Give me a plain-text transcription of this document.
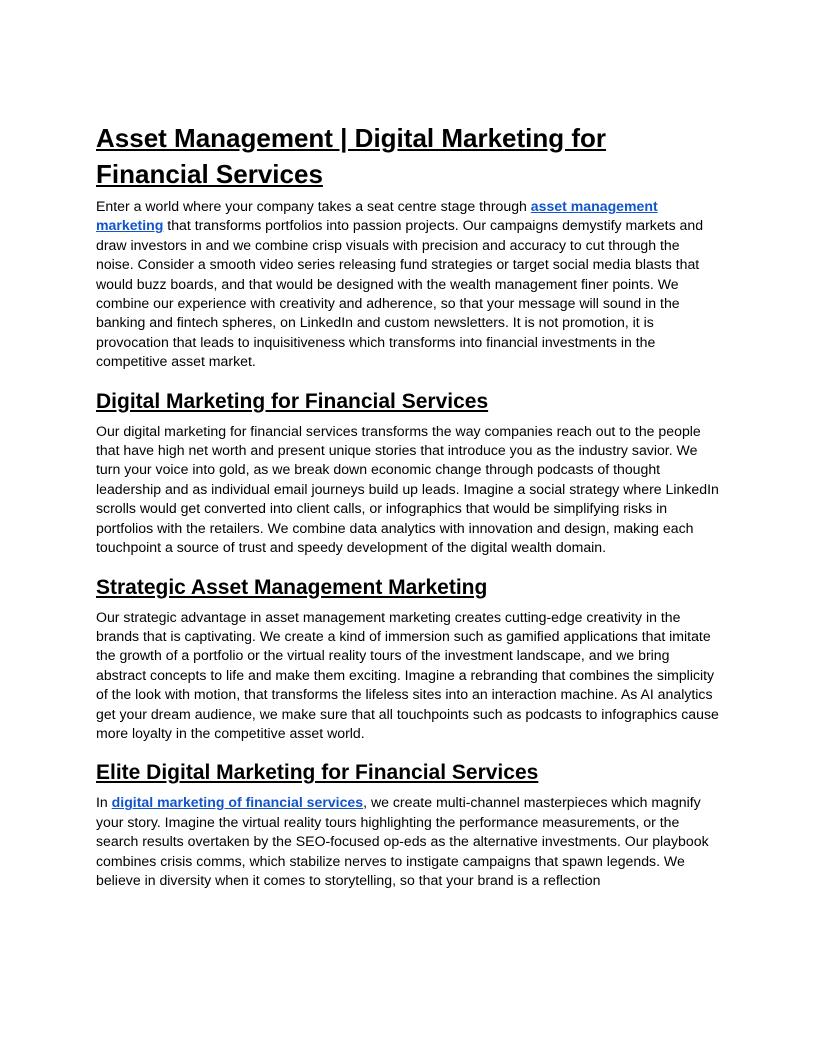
Asset Management | Digital Marketing for Financial Services

Enter a world where your company takes a seat centre stage through asset management marketing that transforms portfolios into passion projects. Our campaigns demystify markets and draw investors in and we combine crisp visuals with precision and accuracy to cut through the noise. Consider a smooth video series releasing fund strategies or target social media blasts that would buzz boards, and that would be designed with the wealth management finer points. We combine our experience with creativity and adherence, so that your message will sound in the banking and fintech spheres, on LinkedIn and custom newsletters. It is not promotion, it is provocation that leads to inquisitiveness which transforms into financial investments in the competitive asset market.

Digital Marketing for Financial Services

Our digital marketing for financial services transforms the way companies reach out to the people that have high net worth and present unique stories that introduce you as the industry savior. We turn your voice into gold, as we break down economic change through podcasts of thought leadership and as individual email journeys build up leads. Imagine a social strategy where LinkedIn scrolls would get converted into client calls, or infographics that would be simplifying risks in portfolios with the retailers. We combine data analytics with innovation and design, making each touchpoint a source of trust and speedy development of the digital wealth domain.

Strategic Asset Management Marketing

Our strategic advantage in asset management marketing creates cutting-edge creativity in the brands that is captivating. We create a kind of immersion such as gamified applications that imitate the growth of a portfolio or the virtual reality tours of the investment landscape, and we bring abstract concepts to life and make them exciting. Imagine a rebranding that combines the simplicity of the look with motion, that transforms the lifeless sites into an interaction machine. As AI analytics get your dream audience, we make sure that all touchpoints such as podcasts to infographics cause more loyalty in the competitive asset world.

Elite Digital Marketing for Financial Services

In digital marketing of financial services, we create multi-channel masterpieces which magnify your story. Imagine the virtual reality tours highlighting the performance measurements, or the search results overtaken by the SEO-focused op-eds as the alternative investments. Our playbook combines crisis comms, which stabilize nerves to instigate campaigns that spawn legends. We believe in diversity when it comes to storytelling, so that your brand is a reflection
